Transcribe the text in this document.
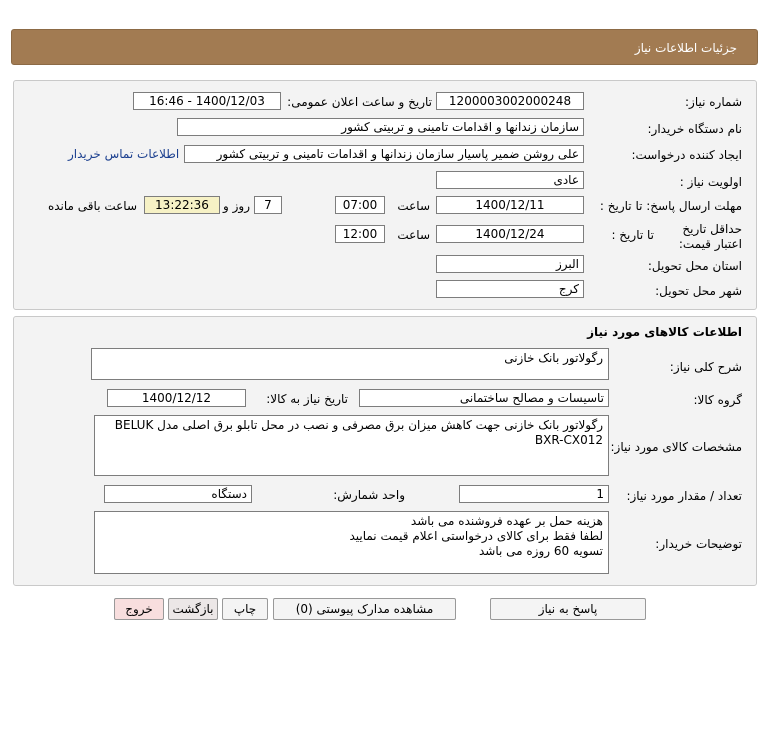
جزئیات اطلاعات نیاز
شماره نیاز:
1200003002000248
تاریخ و ساعت اعلان عمومی:
1400/12/03 - 16:46
نام دستگاه خریدار:
سازمان زندانها و اقدامات تامینی و تربیتی کشور
ایجاد کننده درخواست:
علی روشن ضمیر پاسیار سازمان زندانها و اقدامات تامینی و تربیتی کشور
اطلاعات تماس خریدار
اولویت نیاز :
عادی
مهلت ارسال پاسخ: تا تاریخ :
1400/12/11
ساعت
07:00
7
روز و
13:22:36
ساعت باقی مانده
حداقل تاریخ اعتبار قیمت:
تا تاریخ :
1400/12/24
ساعت
12:00
استان محل تحویل:
البرز
شهر محل تحویل:
کرج
اطلاعات کالاهای مورد نیاز
شرح کلی نیاز:
رگولاتور بانک خازنی
گروه کالا:
تاسیسات و مصالح ساختمانی
تاریخ نیاز به کالا:
1400/12/12
مشخصات کالای مورد نیاز:
رگولاتور بانک خازنی جهت کاهش میزان برق مصرفی و نصب در محل تابلو برق اصلی مدل BELUK BXR-CX012
تعداد / مقدار مورد نیاز:
1
واحد شمارش:
دستگاه
توضیحات خریدار:
هزینه حمل بر عهده فروشنده می باشد
لطفا فقط برای کالای درخواستی اعلام قیمت نمایید
تسویه 60 روزه می باشد
پاسخ به نیاز
مشاهده مدارک پیوستی (0)
چاپ
بازگشت
خروج
